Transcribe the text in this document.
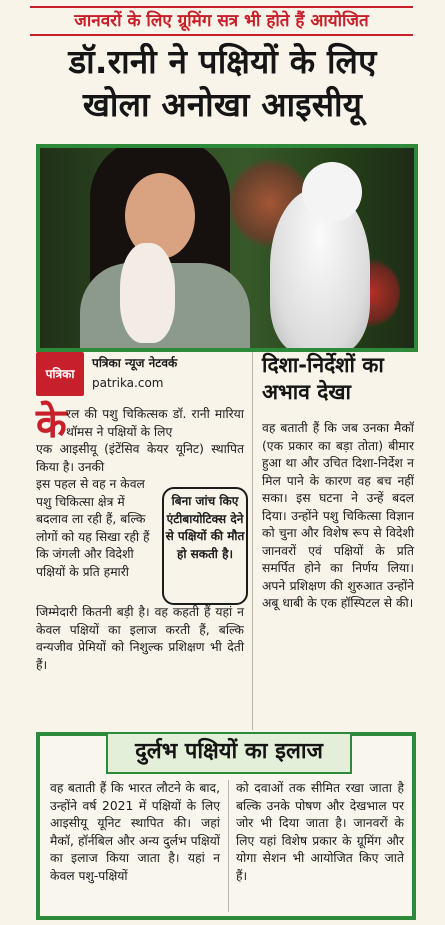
जानवरों के लिए ग्रूमिंग सत्र भी होते हैं आयोजित
डॉ.रानी ने पक्षियों के लिए
खोला अनोखा आइसीयू
पत्रिका
पत्रिका न्यूज नेटवर्क
patrika.com
के रल की पशु चिकित्सक डॉ. रानी मारिया थॉमस ने पक्षियों के लिए
एक आइसीयू (इंटेंसिव केयर यूनिट) स्थापित किया है। उनकी
इस पहल से वह न केवल पशु चिकित्सा क्षेत्र में बदलाव ला रही हैं, बल्कि लोगों को यह सिखा रही हैं कि जंगली और विदेशी पक्षियों के प्रति हमारी
जिम्मेदारी कितनी बड़ी है। वह कहती हैं यहां न केवल पक्षियों का इलाज करती हैं, बल्कि वन्यजीव प्रेमियों को निशुल्क प्रशिक्षण भी देती हैं।
बिना जांच किए एंटीबायोटिक्स देने से पक्षियों की मौत हो सकती है।
दिशा-निर्देशों का अभाव देखा
वह बताती हैं कि जब उनका मैकॉ (एक प्रकार का बड़ा तोता) बीमार हुआ था और उचित दिशा-निर्देश न मिल पाने के कारण वह बच नहीं सका। इस घटना ने उन्हें बदल दिया। उन्होंने पशु चिकित्सा विज्ञान को चुना और विशेष रूप से विदेशी जानवरों एवं पक्षियों के प्रति समर्पित होने का निर्णय लिया। अपने प्रशिक्षण की शुरुआत उन्होंने अबू धाबी के एक हॉस्पिटल से की।
दुर्लभ पक्षियों का इलाज
वह बताती हैं कि भारत लौटने के बाद, उन्होंने वर्ष 2021 में पक्षियों के लिए आइसीयू यूनिट स्थापित की। जहां मैकॉ, हॉर्नबिल और अन्य दुर्लभ पक्षियों का इलाज किया जाता है। यहां न केवल पशु-पक्षियों
को दवाओं तक सीमित रखा जाता है बल्कि उनके पोषण और देखभाल पर जोर भी दिया जाता है। जानवरों के लिए यहां विशेष प्रकार के ग्रूमिंग और योगा सेशन भी आयोजित किए जाते हैं।
